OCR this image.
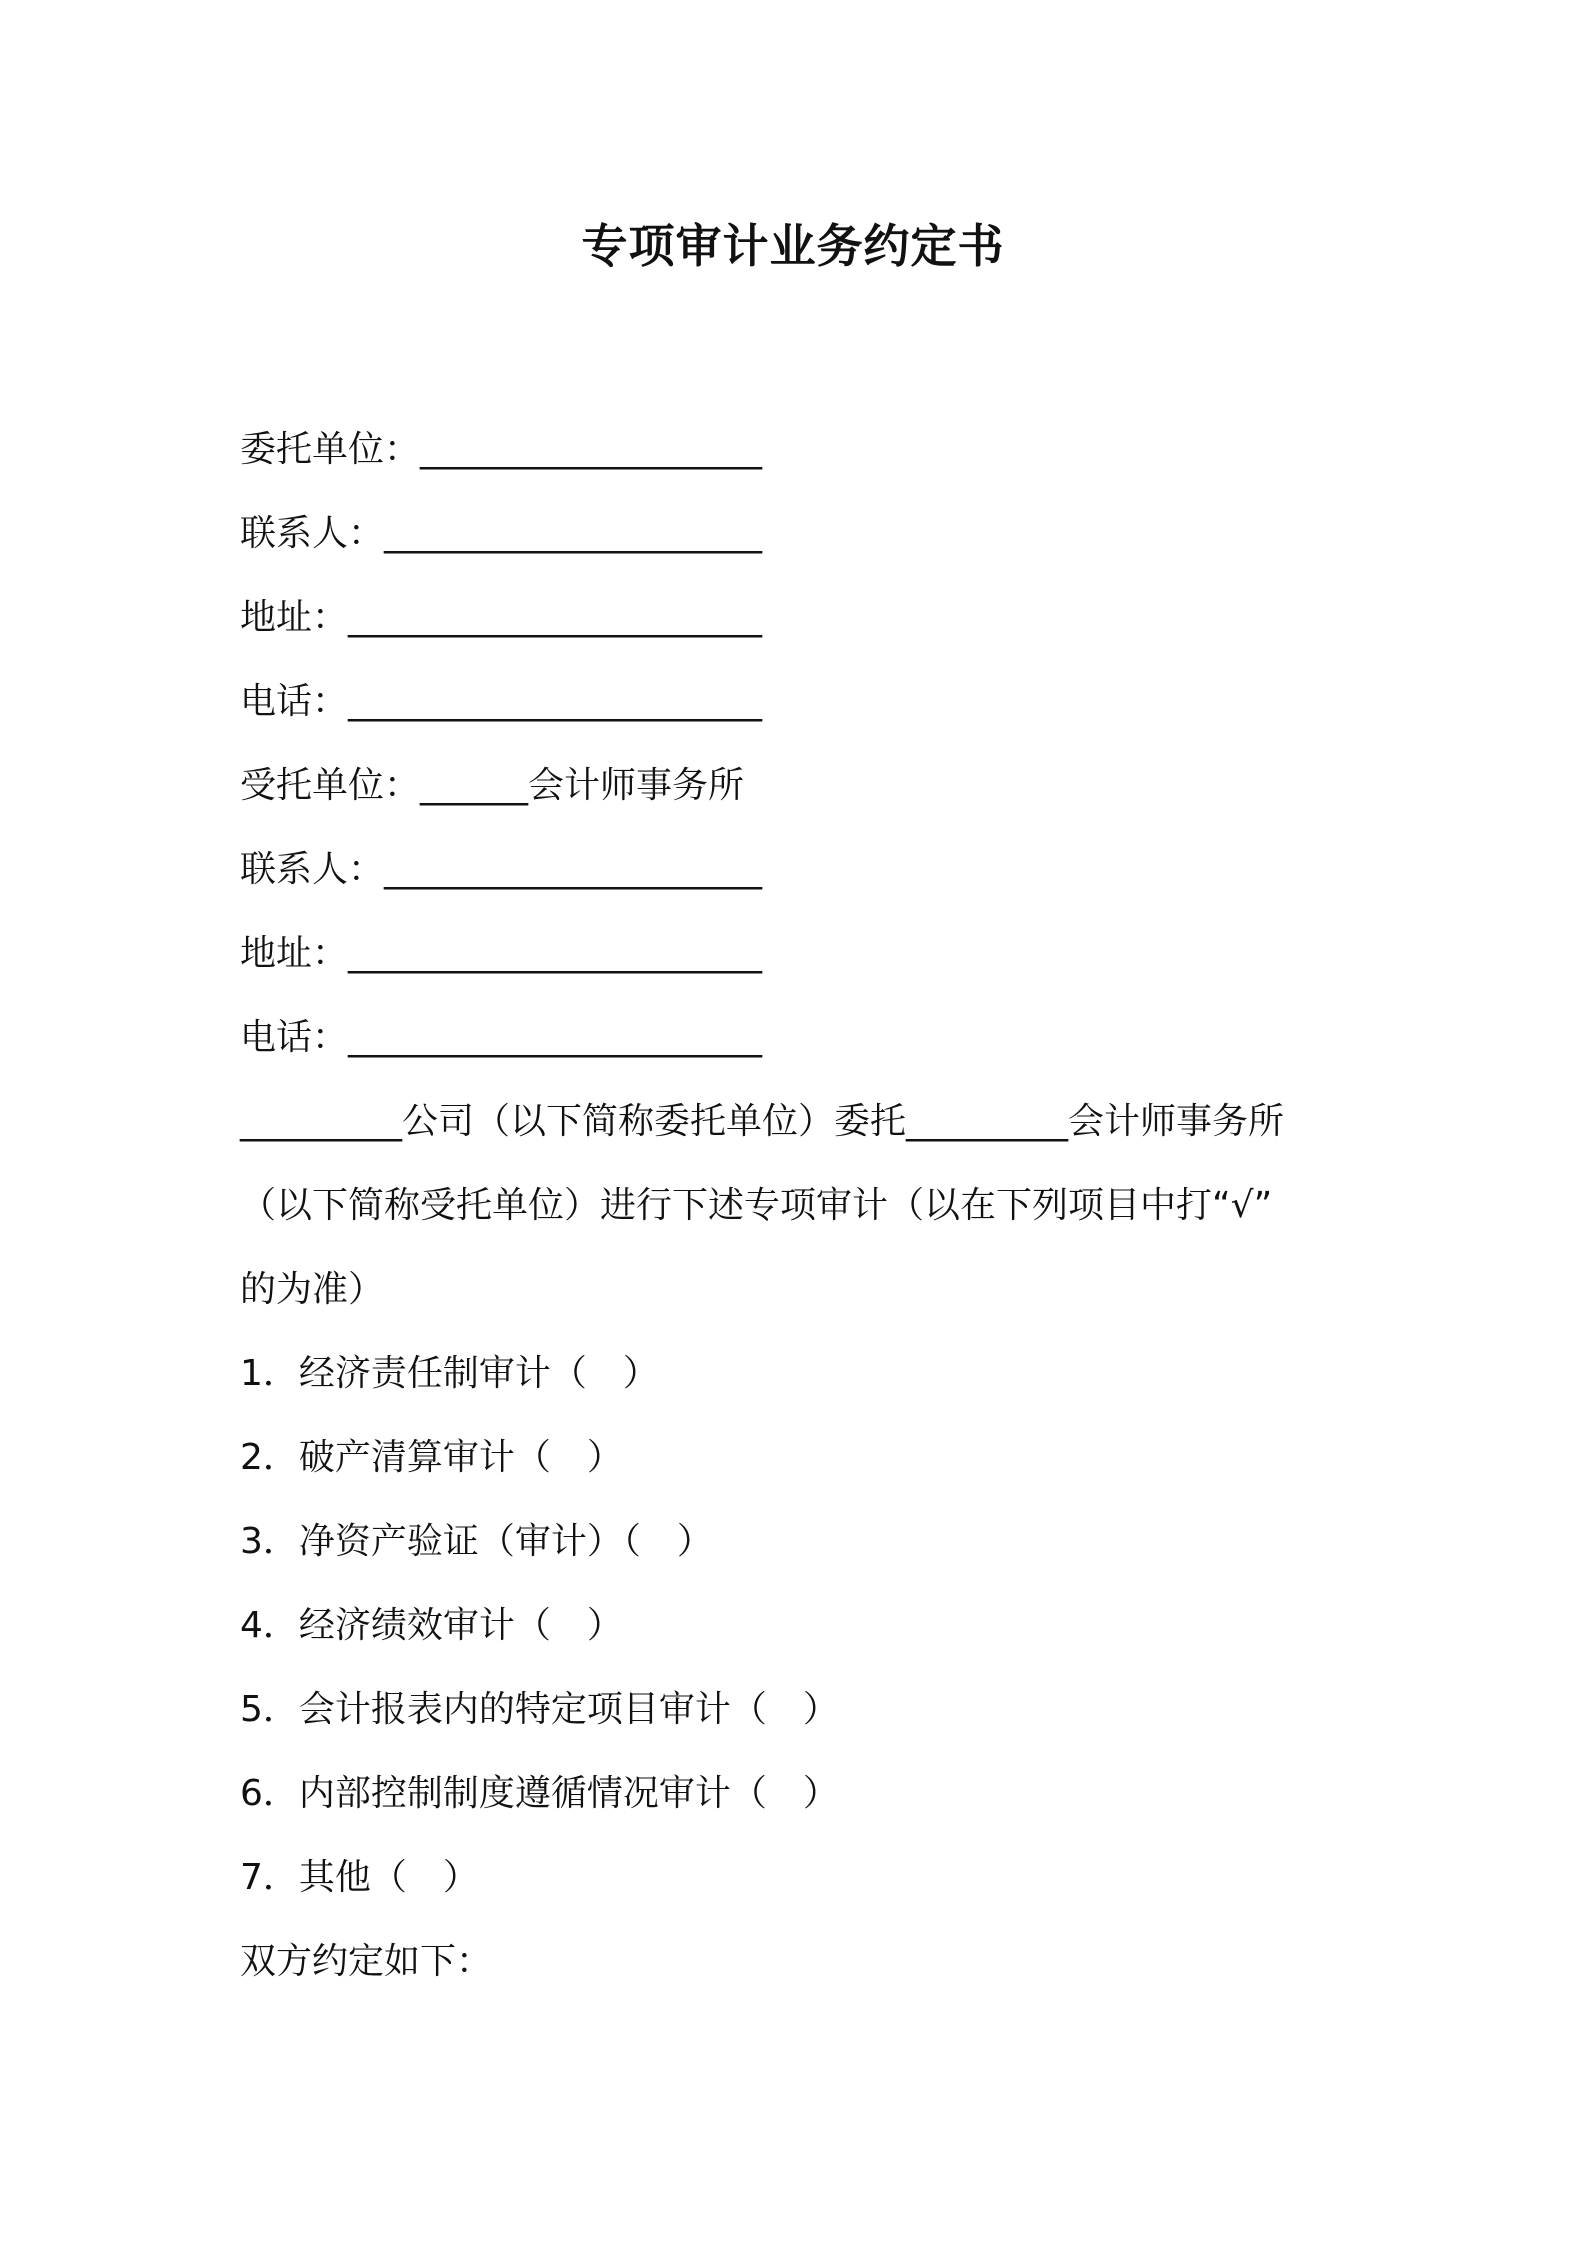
专项审计业务约定书
委托单位：___________________
联系人：_____________________
地址：_______________________
电话：_______________________
受托单位：______会计师事务所
联系人：_____________________
地址：_______________________
电话：_______________________
_________公司（以下简称委托单位）委托_________会计师事务所
（以下简称受托单位）进行下述专项审计（以在下列项目中打“√”
的为准）
1．经济责任制审计（　）
2．破产清算审计（　）
3．净资产验证（审计）（　）
4．经济绩效审计（　）
5．会计报表内的特定项目审计（　）
6．内部控制制度遵循情况审计（　）
7．其他（　）
双方约定如下：
